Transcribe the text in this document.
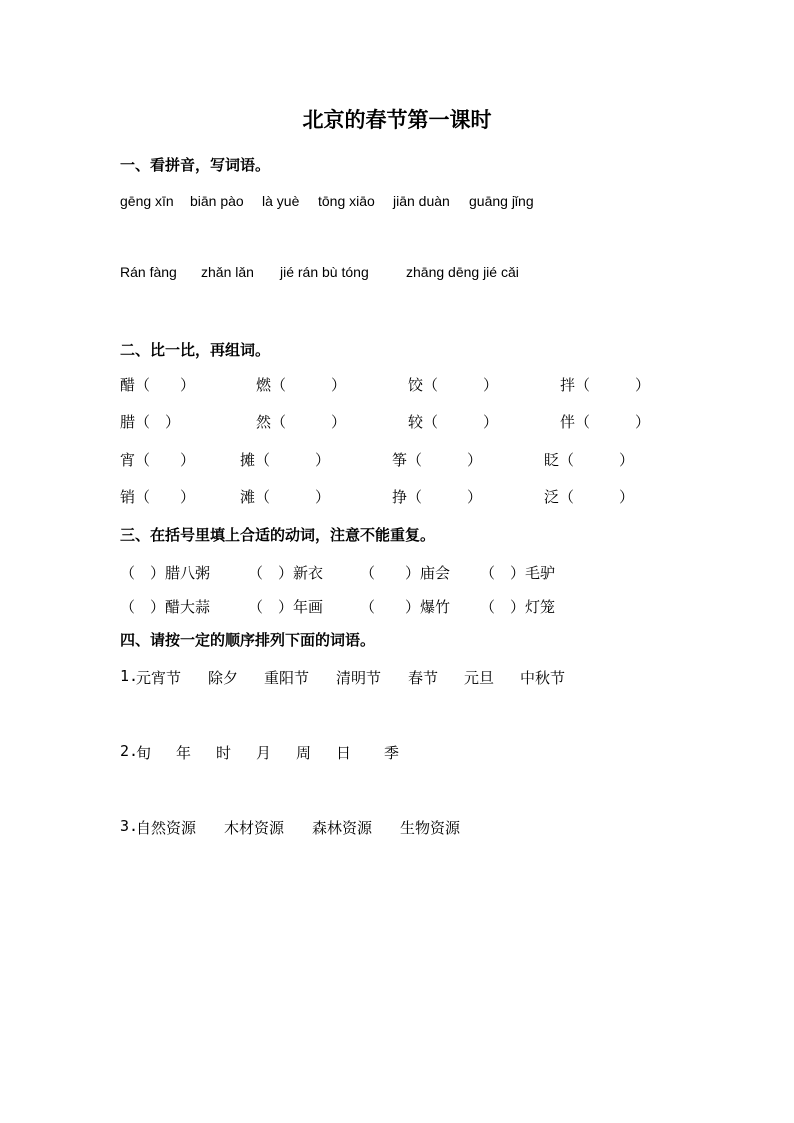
北京的春节第一课时
一、看拼音，写词语。
gēng xīn biān pào là yuè tōng xiāo jiān duàn guāng jǐng
Rán fàng zhǎn lǎn jié rán bù tóng	zhāng dēng jié cǎi
二、比一比，再组词。
醋（　　）	燃（　　　）	饺（　　　）	拌（　　　）
腊（　）	然（　　　）	较（　　　）	伴（　　　）
宵（　　）	摊（　　　）	筝（　　　）	眨（　　　）
销（　　）	滩（　　　）	挣（　　　）	泛（　　　）
三、在括号里填上合适的动词，注意不能重复。
（　）腊八粥	（　）新衣 （　　）庙会 （　）毛驴
（　）醋大蒜	（　）年画 （　　）爆竹 （　）灯笼
四、请按一定的顺序排列下面的词语。
1.
元宵节 除夕 重阳节 清明节 春节 元旦 中秋节
2.
旬 年 时 月 周 日 季
3.
自然资源 木材资源 森林资源 生物资源
